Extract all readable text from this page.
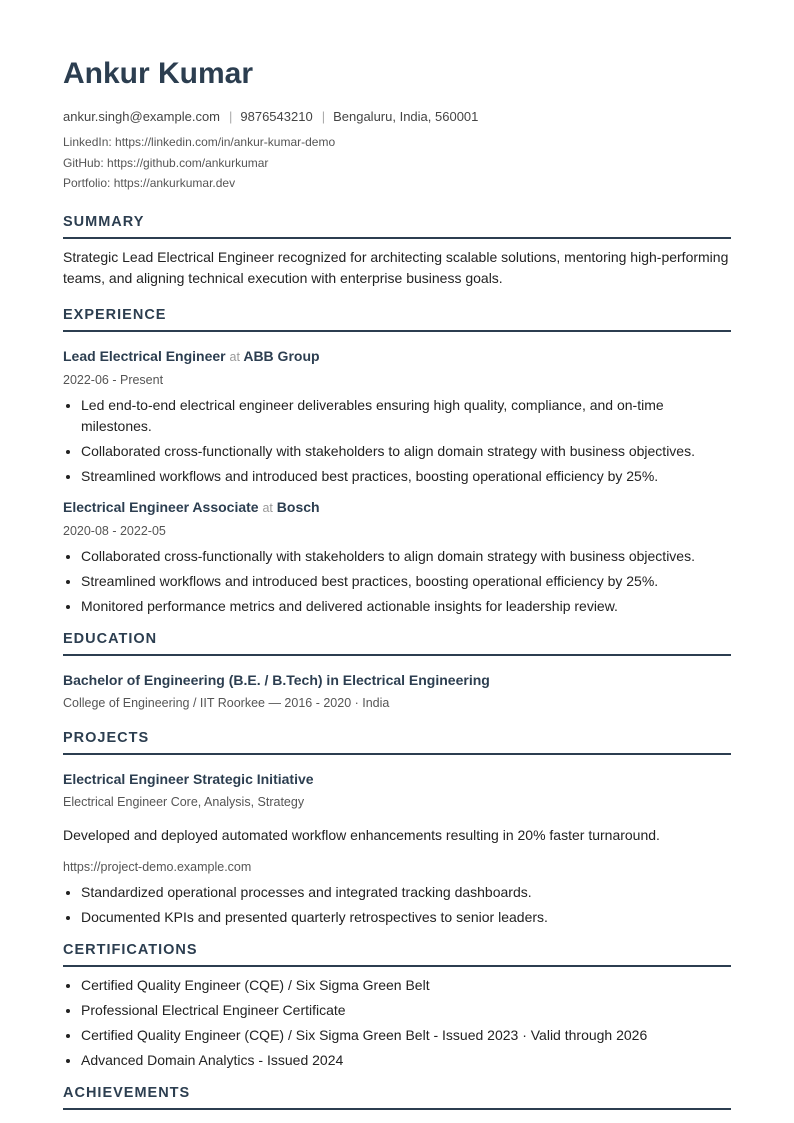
Ankur Kumar
ankur.singh@example.com | 9876543210 | Bengaluru, India, 560001
LinkedIn: https://linkedin.com/in/ankur-kumar-demo
GitHub: https://github.com/ankurkumar
Portfolio: https://ankurkumar.dev
SUMMARY
Strategic Lead Electrical Engineer recognized for architecting scalable solutions, mentoring high-performing teams, and aligning technical execution with enterprise business goals.
EXPERIENCE
Lead Electrical Engineer at ABB Group
2022-06 - Present
• Led end-to-end electrical engineer deliverables ensuring high quality, compliance, and on-time milestones.
• Collaborated cross-functionally with stakeholders to align domain strategy with business objectives.
• Streamlined workflows and introduced best practices, boosting operational efficiency by 25%.
Electrical Engineer Associate at Bosch
2020-08 - 2022-05
• Collaborated cross-functionally with stakeholders to align domain strategy with business objectives.
• Streamlined workflows and introduced best practices, boosting operational efficiency by 25%.
• Monitored performance metrics and delivered actionable insights for leadership review.
EDUCATION
Bachelor of Engineering (B.E. / B.Tech) in Electrical Engineering
College of Engineering / IIT Roorkee — 2016 - 2020 · India
PROJECTS
Electrical Engineer Strategic Initiative
Electrical Engineer Core, Analysis, Strategy
Developed and deployed automated workflow enhancements resulting in 20% faster turnaround.
https://project-demo.example.com
• Standardized operational processes and integrated tracking dashboards.
• Documented KPIs and presented quarterly retrospectives to senior leaders.
CERTIFICATIONS
• Certified Quality Engineer (CQE) / Six Sigma Green Belt
• Professional Electrical Engineer Certificate
• Certified Quality Engineer (CQE) / Six Sigma Green Belt - Issued 2023 · Valid through 2026
• Advanced Domain Analytics - Issued 2024
ACHIEVEMENTS
